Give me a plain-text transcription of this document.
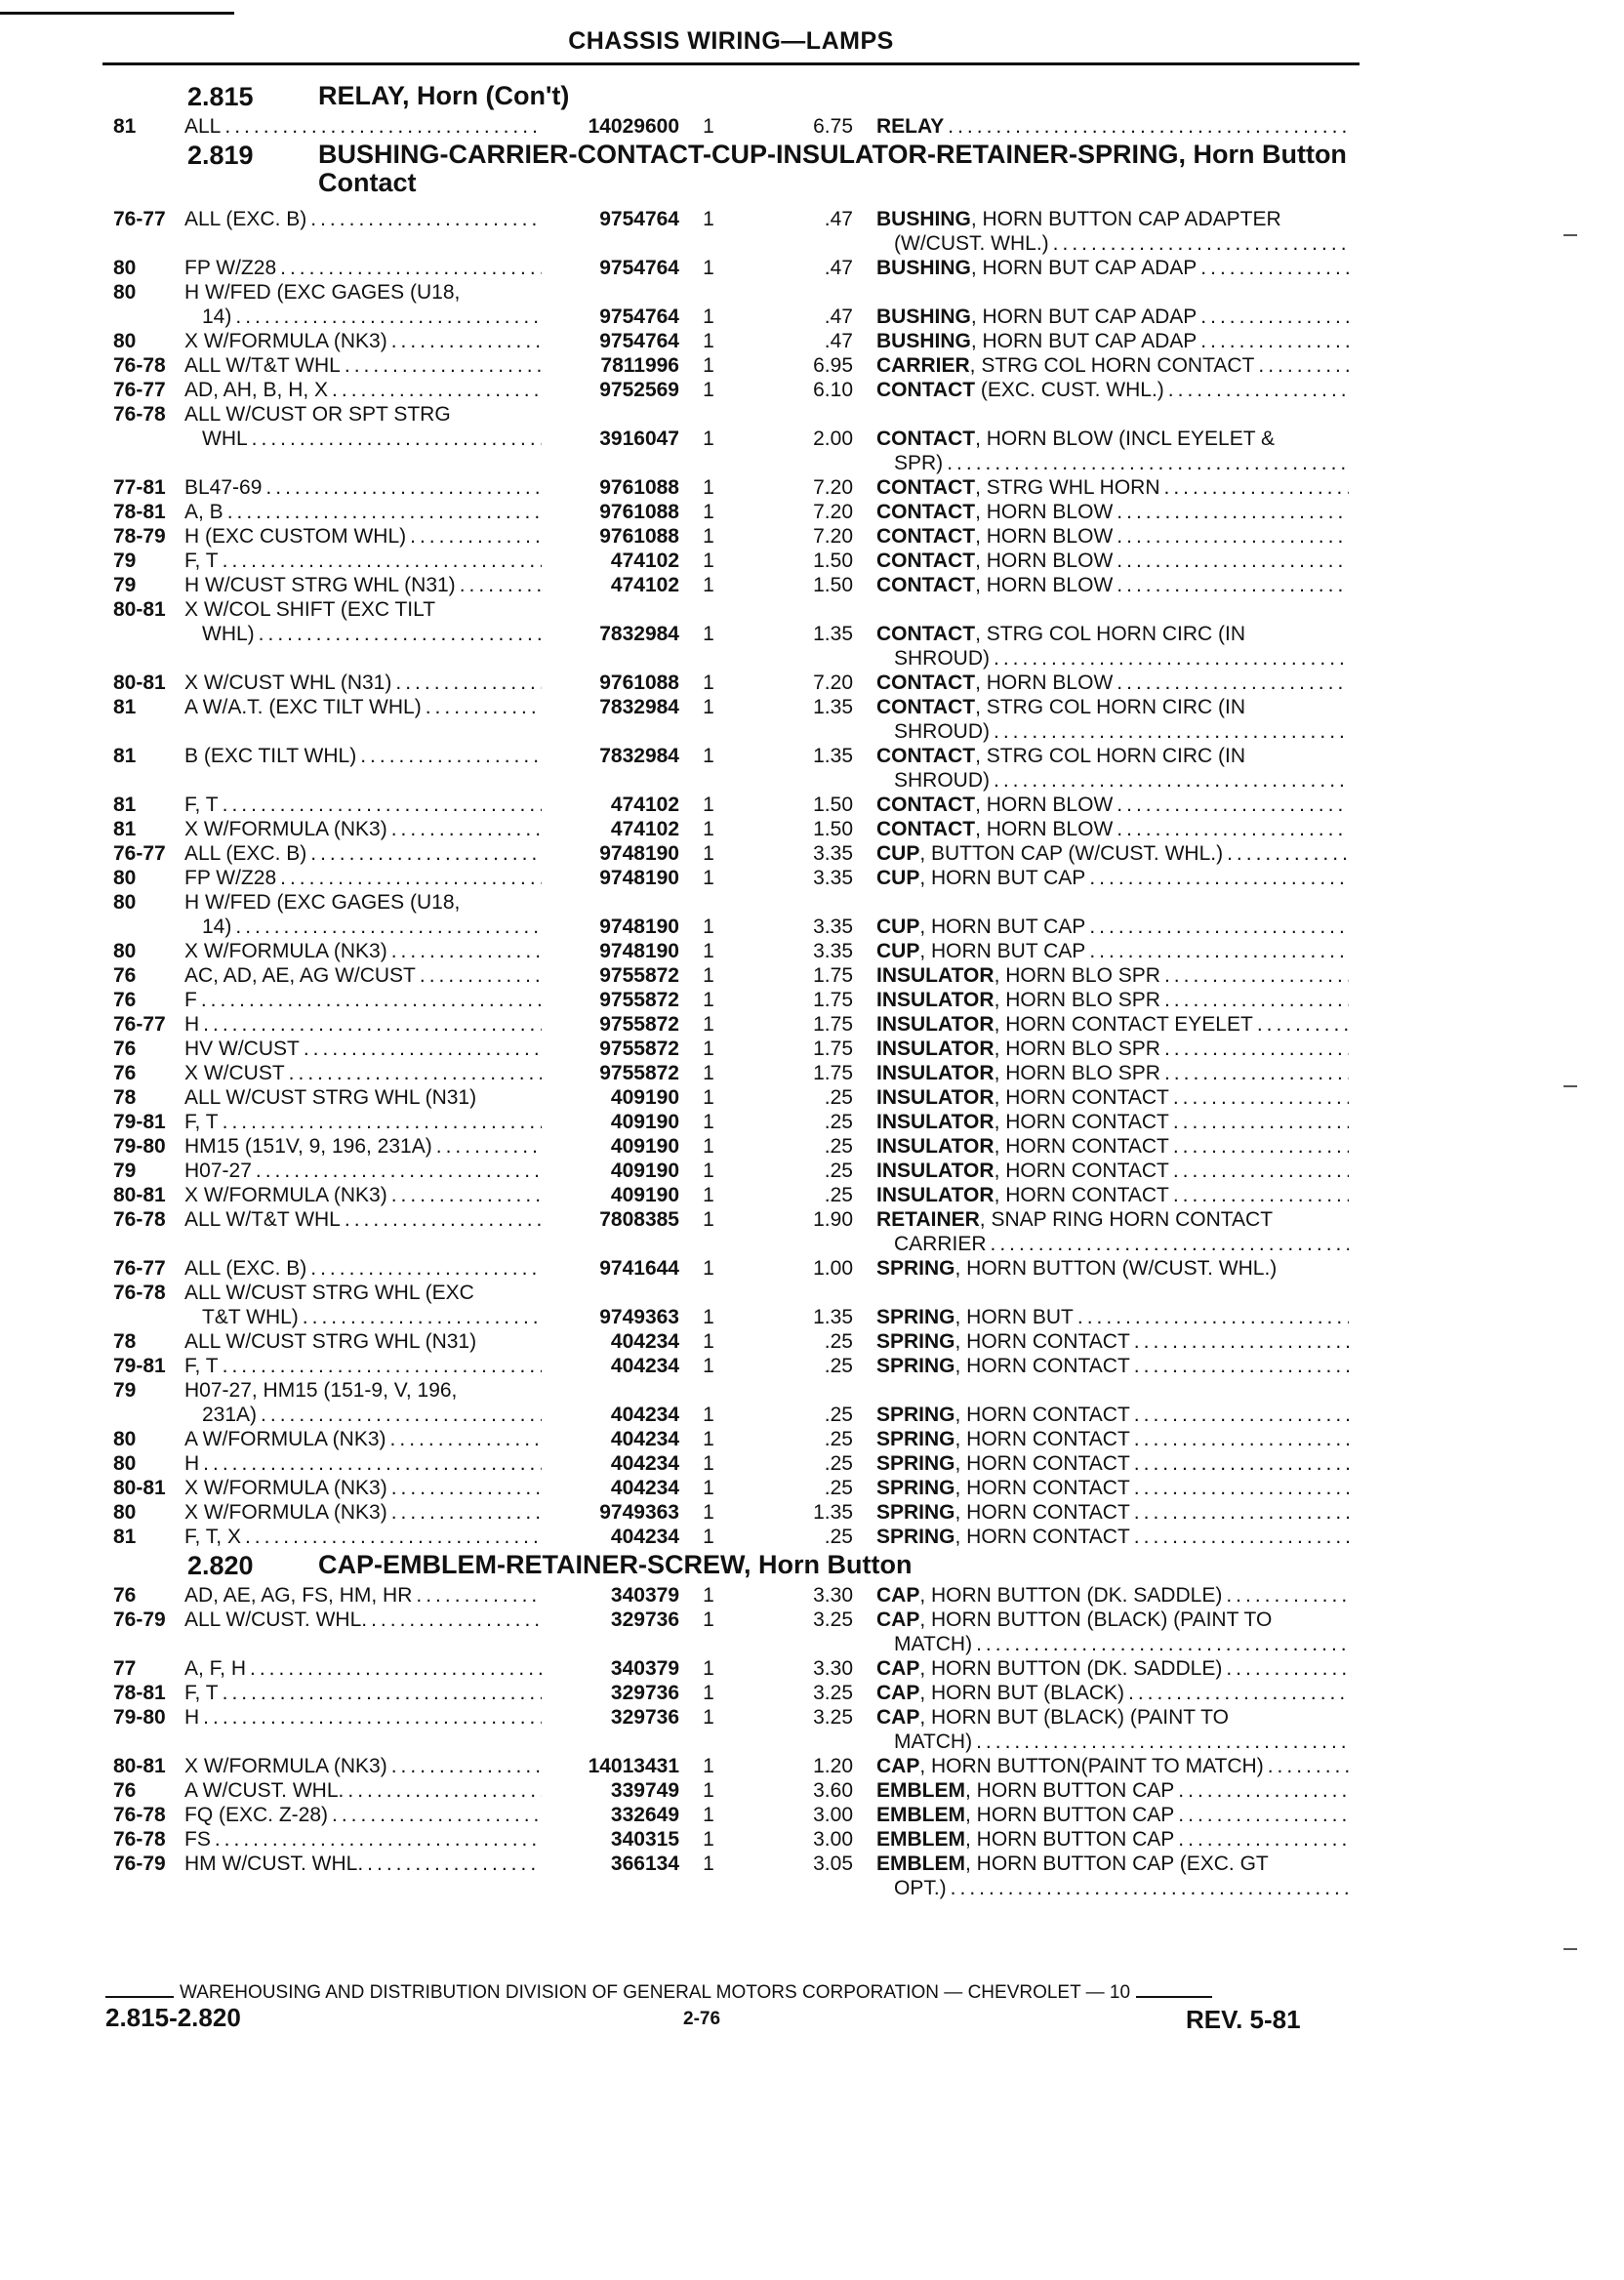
CHASSIS WIRING—LAMPS
2.815 RELAY, Horn (Con't)
81 ALL .....	14029600 1	6.75 RELAY
.....
2.819 BUSHING-CARRIER-CONTACT-CUP-INSULATOR-RETAINER-SPRING, Horn Button Contact
76-77 ALL (EXC. B) .....	9754764 1	.47 BUSHING, HORN BUTTON CAP ADAPTER
(W/CUST. WHL.)
.....
80 FP W/Z28 .....	9754764 1	.47 BUSHING, HORN BUT CAP ADAP
.....
80 H W/FED (EXC GAGES (U18,
14) .....	9754764 1	.47 BUSHING, HORN BUT CAP ADAP
.....
80 X W/FORMULA (NK3) .....	9754764 1	.47 BUSHING, HORN BUT CAP ADAP
.....
76-78 ALL W/T&T WHL .....	7811996 1	6.95 CARRIER, STRG COL HORN CONTACT
.....
76-77 AD, AH, B, H, X .....	9752569 1	6.10 CONTACT (EXC. CUST. WHL.)
.....
76-78 ALL W/CUST OR SPT STRG
WHL .....	3916047 1	2.00 CONTACT, HORN BLOW (INCL EYELET &
SPR)
.....
77-81 BL47-69 .....	9761088 1	7.20 CONTACT, STRG WHL HORN
.....
78-81 A, B .....	9761088 1	7.20 CONTACT, HORN BLOW
.....
78-79 H (EXC CUSTOM WHL) .....	9761088 1	7.20 CONTACT, HORN BLOW
.....
79 F, T .....	474102 1	1.50 CONTACT, HORN BLOW
.....
79 H W/CUST STRG WHL (N31) .....	474102 1	1.50 CONTACT, HORN BLOW
.....
80-81 X W/COL SHIFT (EXC TILT
WHL) .....	7832984 1	1.35 CONTACT, STRG COL HORN CIRC (IN
SHROUD)
.....
80-81 X W/CUST WHL (N31) .....	9761088 1	7.20 CONTACT, HORN BLOW
.....
81 A W/A.T. (EXC TILT WHL) .....	7832984 1	1.35 CONTACT, STRG COL HORN CIRC (IN
SHROUD)
.....
81 B (EXC TILT WHL) .....	7832984 1	1.35 CONTACT, STRG COL HORN CIRC (IN
SHROUD)
.....
81 F, T .....	474102 1	1.50 CONTACT, HORN BLOW
.....
81 X W/FORMULA (NK3) .....	474102 1	1.50 CONTACT, HORN BLOW
.....
76-77 ALL (EXC. B) .....	9748190 1	3.35 CUP, BUTTON CAP (W/CUST. WHL.)
.....
80 FP W/Z28 .....	9748190 1	3.35 CUP, HORN BUT CAP
.....
80 H W/FED (EXC GAGES (U18,
14) .....	9748190 1	3.35 CUP, HORN BUT CAP
.....
80 X W/FORMULA (NK3) .....	9748190 1	3.35 CUP, HORN BUT CAP
.....
76 AC, AD, AE, AG W/CUST .....	9755872 1	1.75 INSULATOR, HORN BLO SPR
.....
76 F .....	9755872 1	1.75 INSULATOR, HORN BLO SPR
.....
76-77 H .....	9755872 1	1.75 INSULATOR, HORN CONTACT EYELET
.....
76 HV W/CUST .....	9755872 1	1.75 INSULATOR, HORN BLO SPR
.....
76 X W/CUST .....	9755872 1	1.75 INSULATOR, HORN BLO SPR
.....
78 ALL W/CUST STRG WHL (N31)	409190 1	.25 INSULATOR, HORN CONTACT
.....
79-81 F, T .....	409190 1	.25 INSULATOR, HORN CONTACT
.....
79-80 HM15 (151V, 9, 196, 231A) .....	409190 1	.25 INSULATOR, HORN CONTACT
.....
79 H07-27 .....	409190 1	.25 INSULATOR, HORN CONTACT
.....
80-81 X W/FORMULA (NK3) .....	409190 1	.25 INSULATOR, HORN CONTACT
.....
76-78 ALL W/T&T WHL .....	7808385 1	1.90 RETAINER, SNAP RING HORN CONTACT
CARRIER
.....
76-77 ALL (EXC. B) .....	9741644 1	1.00 SPRING, HORN BUTTON (W/CUST. WHL.)
76-78 ALL W/CUST STRG WHL (EXC
T&T WHL) .....	9749363 1	1.35 SPRING, HORN BUT
.....
78 ALL W/CUST STRG WHL (N31)	404234 1	.25 SPRING, HORN CONTACT
.....
79-81 F, T .....	404234 1	.25 SPRING, HORN CONTACT
.....
79 H07-27, HM15 (151-9, V, 196,
231A) .....	404234 1	.25 SPRING, HORN CONTACT
.....
80 A W/FORMULA (NK3) .....	404234 1	.25 SPRING, HORN CONTACT
.....
80 H .....	404234 1	.25 SPRING, HORN CONTACT
.....
80-81 X W/FORMULA (NK3) .....	404234 1	.25 SPRING, HORN CONTACT
.....
80 X W/FORMULA (NK3) .....	9749363 1	1.35 SPRING, HORN CONTACT
.....
81 F, T, X .....	404234 1	.25 SPRING, HORN CONTACT
.....
2.820 CAP-EMBLEM-RETAINER-SCREW, Horn Button
76 AD, AE, AG, FS, HM, HR .....	340379 1	3.30 CAP, HORN BUTTON (DK. SADDLE)
.....
76-79 ALL W/CUST. WHL. .....	329736 1	3.25 CAP, HORN BUTTON (BLACK) (PAINT TO
MATCH)
.....
77 A, F, H .....	340379 1	3.30 CAP, HORN BUTTON (DK. SADDLE)
.....
78-81 F, T .....	329736 1	3.25 CAP, HORN BUT (BLACK)
.....
79-80 H .....	329736 1	3.25 CAP, HORN BUT (BLACK) (PAINT TO
MATCH)
.....
80-81 X W/FORMULA (NK3) .....	14013431 1	1.20 CAP, HORN BUTTON(PAINT TO MATCH)
.....
76 A W/CUST. WHL. .....	339749 1	3.60 EMBLEM, HORN BUTTON CAP
.....
76-78 FQ (EXC. Z-28) .....	332649 1	3.00 EMBLEM, HORN BUTTON CAP
.....
76-78 FS .....	340315 1	3.00 EMBLEM, HORN BUTTON CAP
.....
76-79 HM W/CUST. WHL. .....	366134 1	3.05 EMBLEM, HORN BUTTON CAP (EXC. GT
OPT.)
.....
WAREHOUSING AND DISTRIBUTION DIVISION OF GENERAL MOTORS CORPORATION — CHEVROLET — 10
2.815-2.820	2-76	REV. 5-81
